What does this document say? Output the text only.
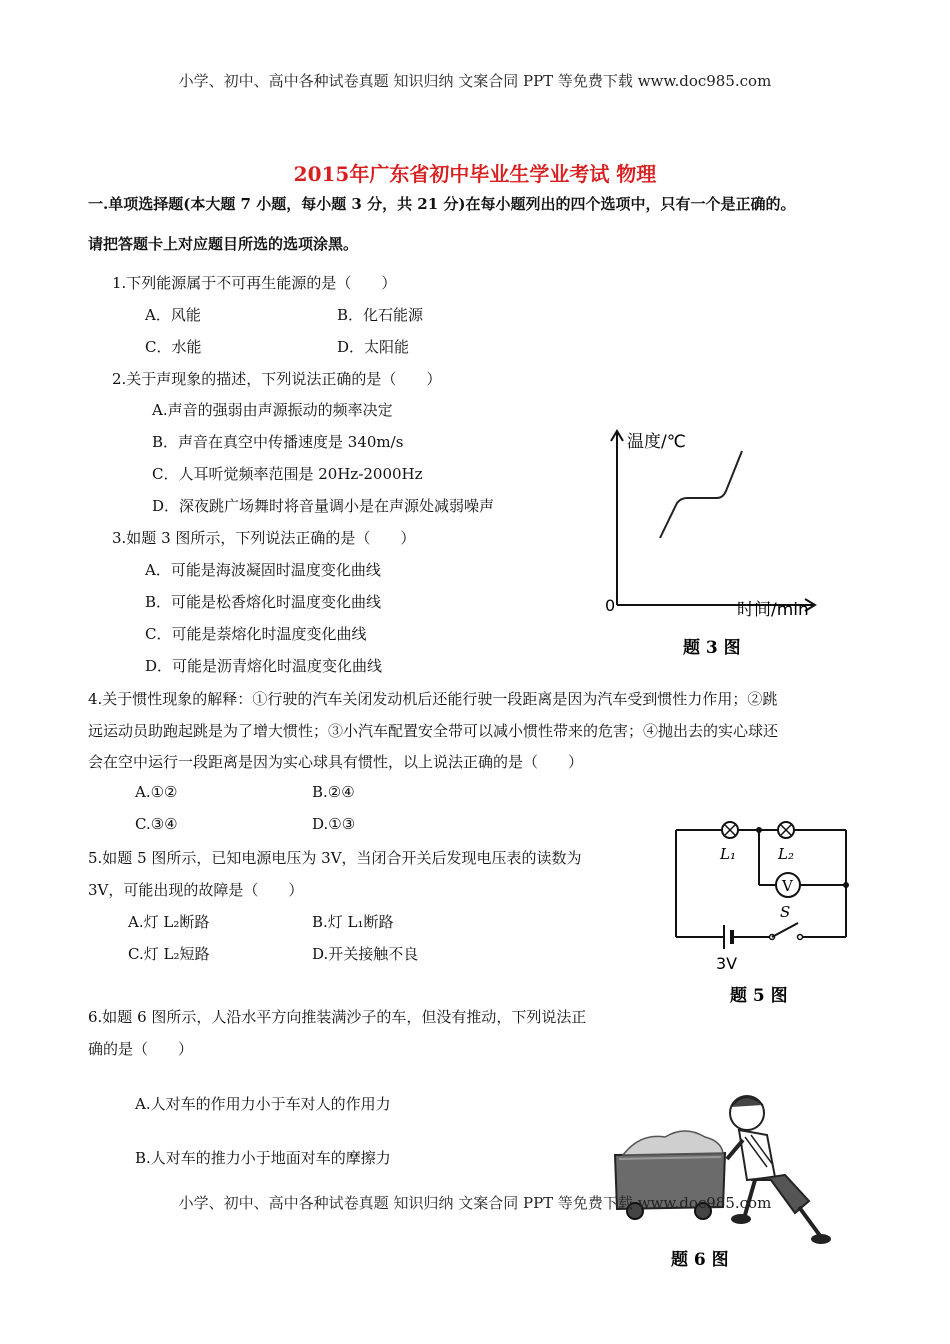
小学、初中、高中各种试卷真题 知识归纳 文案合同 PPT 等免费下载 www.doc985.com
2015年广东省初中毕业生学业考试 物理
一.单项选择题(本大题 7 小题，每小题 3 分，共 21 分)在每小题列出的四个选项中，只有一个是正确的。
请把答题卡上对应题目所选的选项涂黑。
1.下列能源属于不可再生能源的是（　　）
A．风能	B．化石能源
C．水能	D．太阳能
2.关于声现象的描述，下列说法正确的是（　　）
A.声音的强弱由声源振动的频率决定
B．声音在真空中传播速度是 340m/s
C．人耳听觉频率范围是 20Hz-2000Hz
D．深夜跳广场舞时将音量调小是在声源处减弱噪声
3.如题 3 图所示，下列说法正确的是（　　）
A．可能是海波凝固时温度变化曲线
B．可能是松香熔化时温度变化曲线
C．可能是萘熔化时温度变化曲线
D．可能是沥青熔化时温度变化曲线
温度/℃
0	时间/min
题 3 图
4.关于惯性现象的解释：①行驶的汽车关闭发动机后还能行驶一段距离是因为汽车受到惯性力作用；②跳
远运动员助跑起跳是为了增大惯性；③小汽车配置安全带可以减小惯性带来的危害；④抛出去的实心球还
会在空中运行一段距离是因为实心球具有惯性，以上说法正确的是（　　）
A.①②	B.②④
C.③④	D.①③
5.如题 5 图所示，已知电源电压为 3V，当闭合开关后发现电压表的读数为
3V，可能出现的故障是（　　）
A.灯 L₂断路	B.灯 L₁断路
C.灯 L₂短路	D.开关接触不良
V
L₁	L₂
S
3V
题 5 图
6.如题 6 图所示，人沿水平方向推装满沙子的车，但没有推动，下列说法正
确的是（　　）
A.人对车的作用力小于车对人的作用力
B.人对车的推力小于地面对车的摩擦力
题 6 图
小学、初中、高中各种试卷真题 知识归纳 文案合同 PPT 等免费下载 www.doc985.com
